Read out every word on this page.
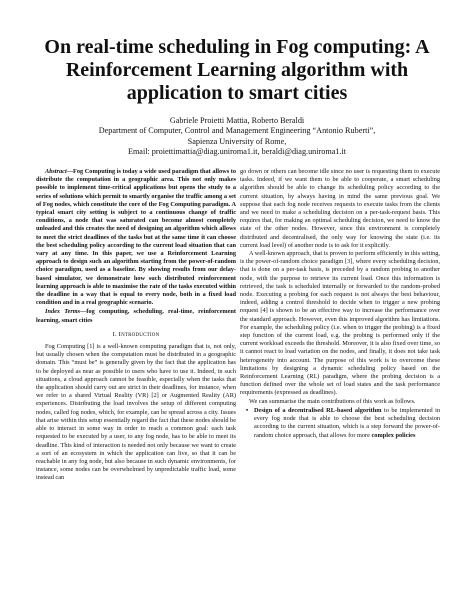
On real-time scheduling in Fog computing: A Reinforcement Learning algorithm with application to smart cities
Gabriele Proietti Mattia, Roberto Beraldi
Department of Computer, Control and Management Engineering “Antonio Ruberti”,
Sapienza University of Rome,
Email: proiettimattia@diag.uniroma1.it, beraldi@diag.uniroma1.it

Abstract—Fog Computing is today a wide used paradigm that allows to distribute the computation in a geographic area. This not only makes possible to implement time-critical applications but opens the study to a series of solutions which permit to smartly organise the traffic among a set of Fog nodes, which constitute the core of the Fog Computing paradigm. A typical smart city setting is subject to a continuous change of traffic conditions, a node that was saturated can become almost completely unloaded and this creates the need of designing an algorithm which allows to meet the strict deadlines of the tasks but at the same time it can choose the best scheduling policy according to the current load situation that can vary at any time. In this paper, we use a Reinforcement Learning approach to design such an algorithm starting from the power-of-random choice paradigm, used as a baseline. By showing results from our delay-based simulator, we demonstrate how such distributed reinforcement learning approach is able to maximise the rate of the tasks executed within the deadline in a way that is equal to every node, both in a fixed load condition and in a real geographic scenario.

Index Terms—fog computing, scheduling, real-time, reinforcement learning, smart cities

I. Introduction

Fog Computing [1] is a well-known computing paradigm that is, not only, but usually chosen when the computation must be distributed in a geographic domain. This “must be” is generally given by the fact that the application has to be deployed as near as possible to users who have to use it. Indeed, in such situations, a cloud approach cannot be feasible, especially when the tasks that the application should carry out are strict in their deadlines, for instance, when we refer to a shared Virtual Reality (VR) [2] or Augmented Reality (AR) experiences. Distributing the load involves the setup of different computing nodes, called fog nodes, which, for example, can be spread across a city. Issues that arise within this setup essentially regard the fact that these nodes should be able to interact in some way in order to reach a common goal: each task requested to be executed by a user, to any fog node, has to be able to meet its deadline. This kind of interaction is needed not only because we want to create a sort of an ecosystem in which the application can live, so that it can be reachable in any fog node, but also because in such dynamic environments, for instance, some nodes can be overwhelmed by unpredictable traffic load, some instead can

go down or others can become idle since no user is requesting them to execute tasks. Indeed, if we want them to be able to cooperate, a smart scheduling algorithm should be able to change its scheduling policy according to the current situation, by always having in mind the same previous goal. We suppose that each fog node receives requests to execute tasks from the clients and we need to make a scheduling decision on a per-task-request basis. This requires that, for making an optimal scheduling decision, we need to know the state of the other nodes. However, since this environment is completely distributed and decentralised, the only way for knowing the state (i.e. its current load level) of another node is to ask for it explicitly.

A well-known approach, that is proven to perform efficiently in this setting, is the power-of-random choice paradigm [3], where every scheduling decision, that is done on a per-task basis, is preceded by a random probing to another node, with the purpose to retrieve its current load. Once this information is retrieved, the task is scheduled internally or forwarded to the random-probed node. Executing a probing for each request is not always the best behaviour, indeed, adding a control threshold to decide when to trigger a new probing request [4] is shown to be an effective way to increase the performance over the standard approach. However, even this improved algorithm has limitations. For example, the scheduling policy (i.e. when to trigger the probing) is a fixed step function of the current load, e.g. the probing is performed only if the current workload exceeds the threshold. Moreover, it is also fixed over time, so it cannot react to load variation on the nodes, and finally, it does not take task heterogeneity into account. The purpose of this work is to overcome these limitations by designing a dynamic scheduling policy based on the Reinforcement Learning (RL) paradigm, where the probing decision is a function defined over the whole set of load states and the task performance requirements (expressed as deadlines).

We can summarise the main contributions of this work as follows.

• Design of a decentralised RL-based algorithm to be implemented in every fog node that is able to choose the best scheduling decision according to the current situation, which is a step forward the power-of-random choice approach, that allows for more complex policies
